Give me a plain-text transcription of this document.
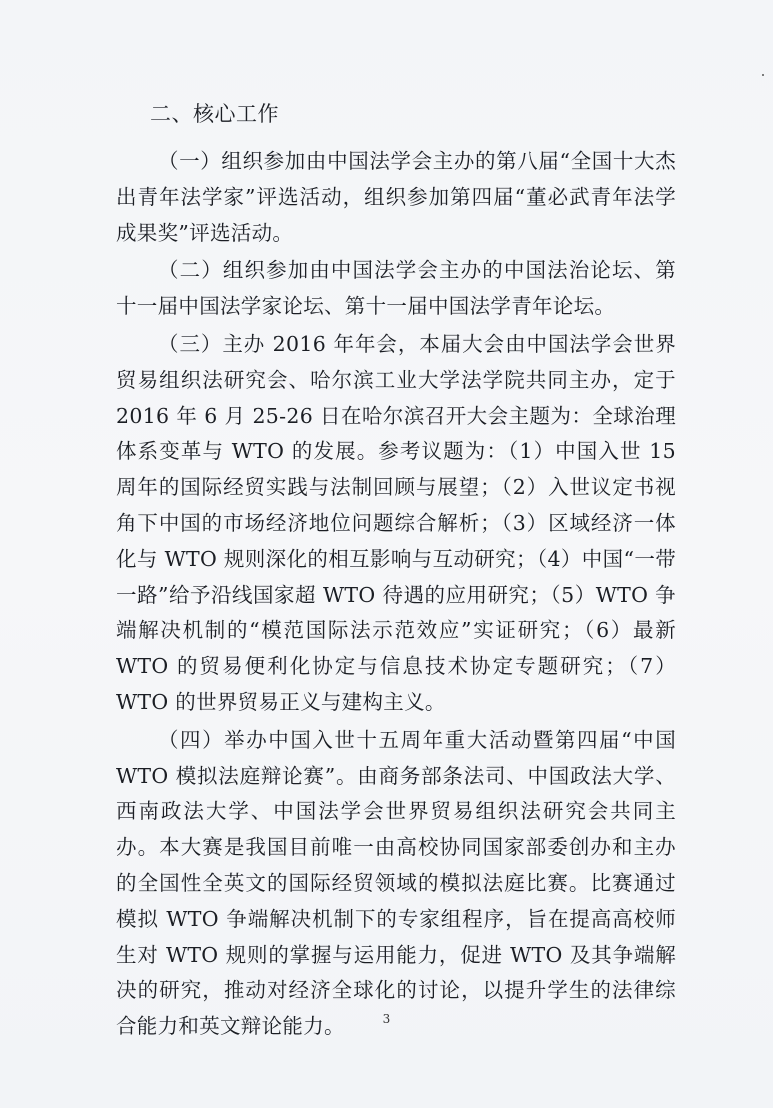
二、核心工作

（一）组织参加由中国法学会主办的第八届“全国十大杰出青年法学家”评选活动，组织参加第四届“董必武青年法学成果奖”评选活动。

（二）组织参加由中国法学会主办的中国法治论坛、第十一届中国法学家论坛、第十一届中国法学青年论坛。

（三）主办 2016 年年会，本届大会由中国法学会世界贸易组织法研究会、哈尔滨工业大学法学院共同主办，定于 2016 年 6 月 25-26 日在哈尔滨召开大会主题为：全球治理体系变革与 WTO 的发展。参考议题为：（1）中国入世 15 周年的国际经贸实践与法制回顾与展望；（2）入世议定书视角下中国的市场经济地位问题综合解析；（3）区域经济一体化与 WTO 规则深化的相互影响与互动研究；（4）中国“一带一路”给予沿线国家超 WTO 待遇的应用研究；（5）WTO 争端解决机制的“模范国际法示范效应”实证研究；（6）最新 WTO 的贸易便利化协定与信息技术协定专题研究；（7）WTO 的世界贸易正义与建构主义。

（四）举办中国入世十五周年重大活动暨第四届“中国 WTO 模拟法庭辩论赛”。由商务部条法司、中国政法大学、西南政法大学、中国法学会世界贸易组织法研究会共同主办。本大赛是我国目前唯一由高校协同国家部委创办和主办的全国性全英文的国际经贸领域的模拟法庭比赛。比赛通过模拟 WTO 争端解决机制下的专家组程序，旨在提高高校师生对 WTO 规则的掌握与运用能力，促进 WTO 及其争端解决的研究，推动对经济全球化的讨论，以提升学生的法律综合能力和英文辩论能力。	3
